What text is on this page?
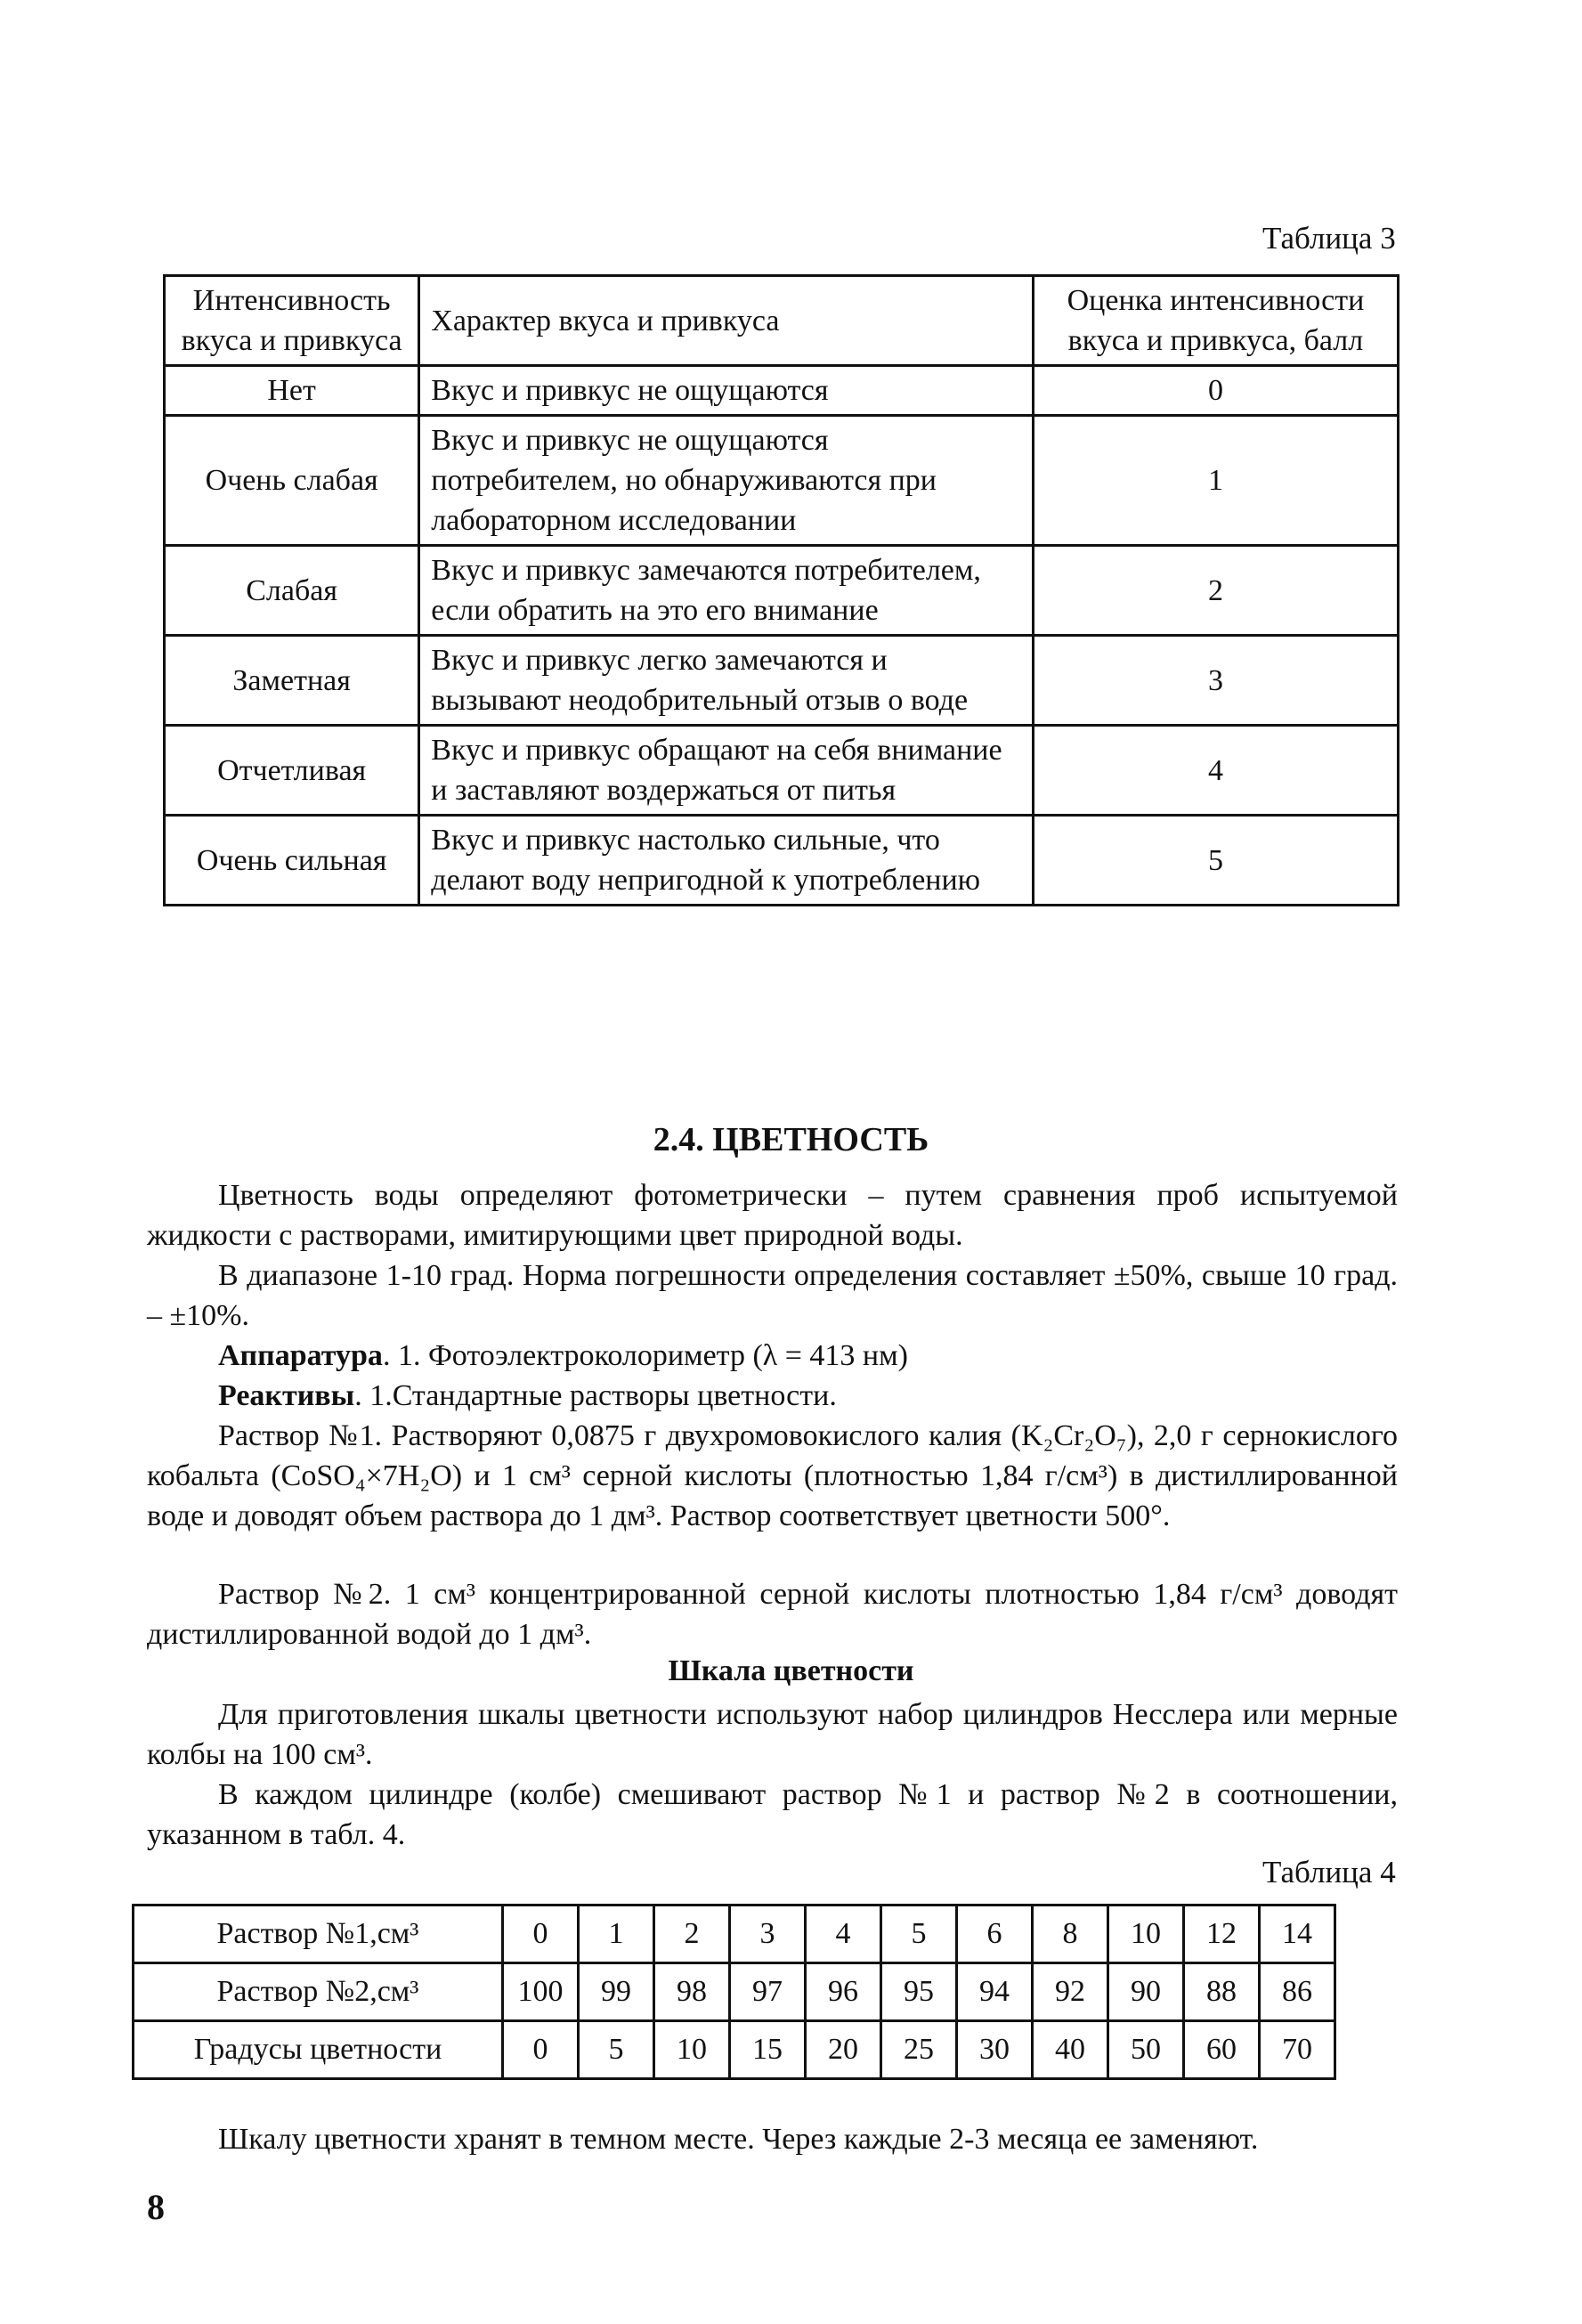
Таблица 3
Интенсивность вкуса и привкуса	Характер вкуса и привкуса	Оценка интенсивности вкуса и привкуса, балл
Нет	Вкус и привкус не ощущаются	0
Очень слабая	Вкус и привкус не ощущаются потребителем, но обнаруживаются при лабораторном исследовании	1
Слабая	Вкус и привкус замечаются потребителем, если обратить на это его внимание	2
Заметная	Вкус и привкус легко замечаются и вызывают неодобрительный отзыв о воде	3
Отчетливая	Вкус и привкус обращают на себя внимание и заставляют воздержаться от питья	4
Очень сильная	Вкус и привкус настолько сильные, что делают воду непригодной к употреблению	5
2.4. ЦВЕТНОСТЬ
Цветность воды определяют фотометрически – путем сравнения проб испытуемой жидкости с растворами, имитирующими цвет природной воды.
В диапазоне 1-10 град. Норма погрешности определения составляет ±50%, свыше 10 град. – ±10%.
Аппаратура. 1. Фотоэлектроколориметр (λ = 413 нм)
Реактивы. 1.Стандартные растворы цветности.
Раствор №1. Растворяют 0,0875 г двухромовокислого калия (K₂Cr₂O₇), 2,0 г сернокислого кобальта (CoSO₄×7H₂O) и 1 см³ серной кислоты (плотностью 1,84 г/см³) в дистиллированной воде и доводят объем раствора до 1 дм³. Раствор соответствует цветности 500°.
Раствор №2. 1 см³ концентрированной серной кислоты плотностью 1,84 г/см³ доводят дистиллированной водой до 1 дм³.
Шкала цветности
Для приготовления шкалы цветности используют набор цилиндров Несслера или мерные колбы на 100 см³.
В каждом цилиндре (колбе) смешивают раствор №1 и раствор №2 в соотношении, указанном в табл. 4.
Таблица 4
Раствор №1,см³	0	1	2	3	4	5	6	8	10	12	14
Раствор №2,см³	100	99	98	97	96	95	94	92	90	88	86
Градусы цветности	0	5	10	15	20	25	30	40	50	60	70
Шкалу цветности хранят в темном месте. Через каждые 2-3 месяца ее заменяют.
8
